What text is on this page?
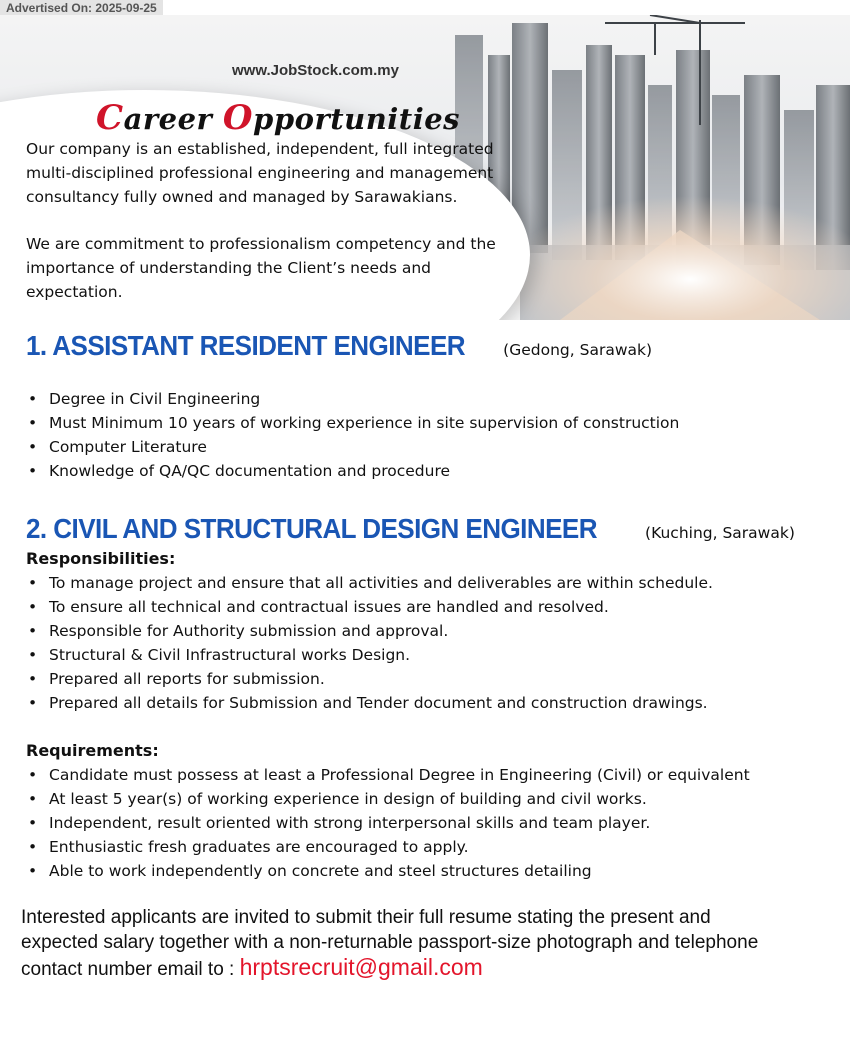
Advertised On: 2025-09-25
www.JobStock.com.my
Career Opportunities
Our company is an established, independent, full integrated
multi-disciplined professional engineering and management
consultancy fully owned and managed by Sarawakians.
We are commitment to professionalism competency and the
importance of understanding the Client’s needs and
expectation.
1. ASSISTANT RESIDENT ENGINEER (Gedong, Sarawak)
• Degree in Civil Engineering
• Must Minimum 10 years of working experience in site supervision of construction
• Computer Literature
• Knowledge of QA/QC documentation and procedure
2. CIVIL AND STRUCTURAL DESIGN ENGINEER	(Kuching, Sarawak)
Responsibilities:
• To manage project and ensure that all activities and deliverables are within schedule.
• To ensure all technical and contractual issues are handled and resolved.
• Responsible for Authority submission and approval.
• Structural & Civil Infrastructural works Design.
• Prepared all reports for submission.
• Prepared all details for Submission and Tender document and construction drawings.
Requirements:
• Candidate must possess at least a Professional Degree in Engineering (Civil) or equivalent
• At least 5 year(s) of working experience in design of building and civil works.
• Independent, result oriented with strong interpersonal skills and team player.
• Enthusiastic fresh graduates are encouraged to apply.
• Able to work independently on concrete and steel structures detailing
Interested applicants are invited to submit their full resume stating the present and
expected salary together with a non-returnable passport-size photograph and telephone
contact number email to : hrptsrecruit@gmail.com
